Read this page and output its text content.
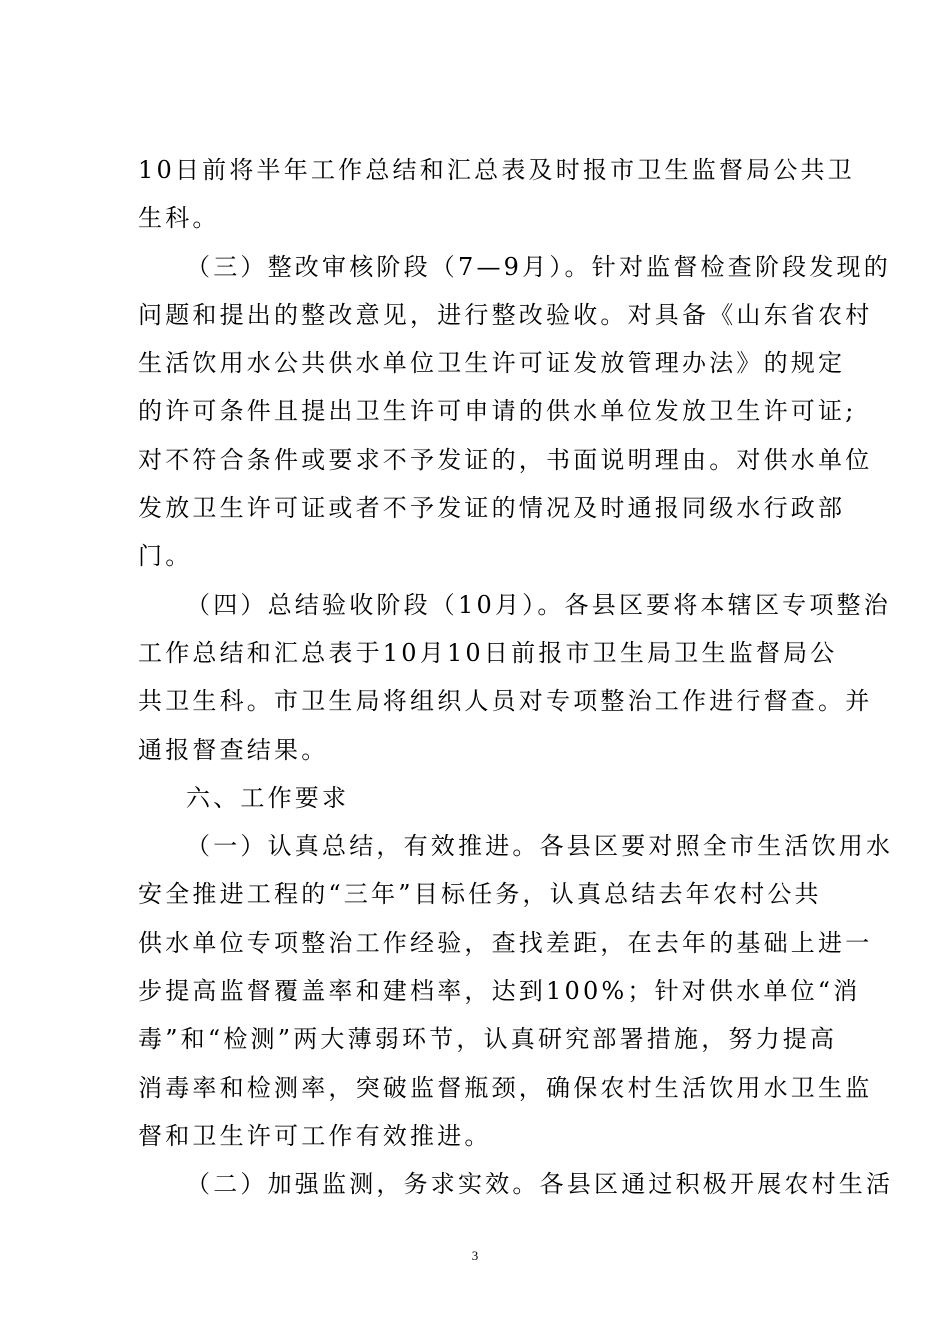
10日前将半年工作总结和汇总表及时报市卫生监督局公共卫
生科。
（三）整改审核阶段（7—9月）。针对监督检查阶段发现的
问题和提出的整改意见，进行整改验收。对具备《山东省农村
生活饮用水公共供水单位卫生许可证发放管理办法》的规定
的许可条件且提出卫生许可申请的供水单位发放卫生许可证;
对不符合条件或要求不予发证的，书面说明理由。对供水单位
发放卫生许可证或者不予发证的情况及时通报同级水行政部
门。
（四）总结验收阶段（10月）。各县区要将本辖区专项整治
工作总结和汇总表于10月10日前报市卫生局卫生监督局公
共卫生科。市卫生局将组织人员对专项整治工作进行督查。并
通报督查结果。
六、工作要求
（一）认真总结，有效推进。各县区要对照全市生活饮用水
安全推进工程的“三年”目标任务，认真总结去年农村公共
供水单位专项整治工作经验，查找差距，在去年的基础上进一
步提高监督覆盖率和建档率，达到100%；针对供水单位“消
毒”和“检测”两大薄弱环节，认真研究部署措施，努力提高
消毒率和检测率，突破监督瓶颈，确保农村生活饮用水卫生监
督和卫生许可工作有效推进。
（二）加强监测，务求实效。各县区通过积极开展农村生活
3
